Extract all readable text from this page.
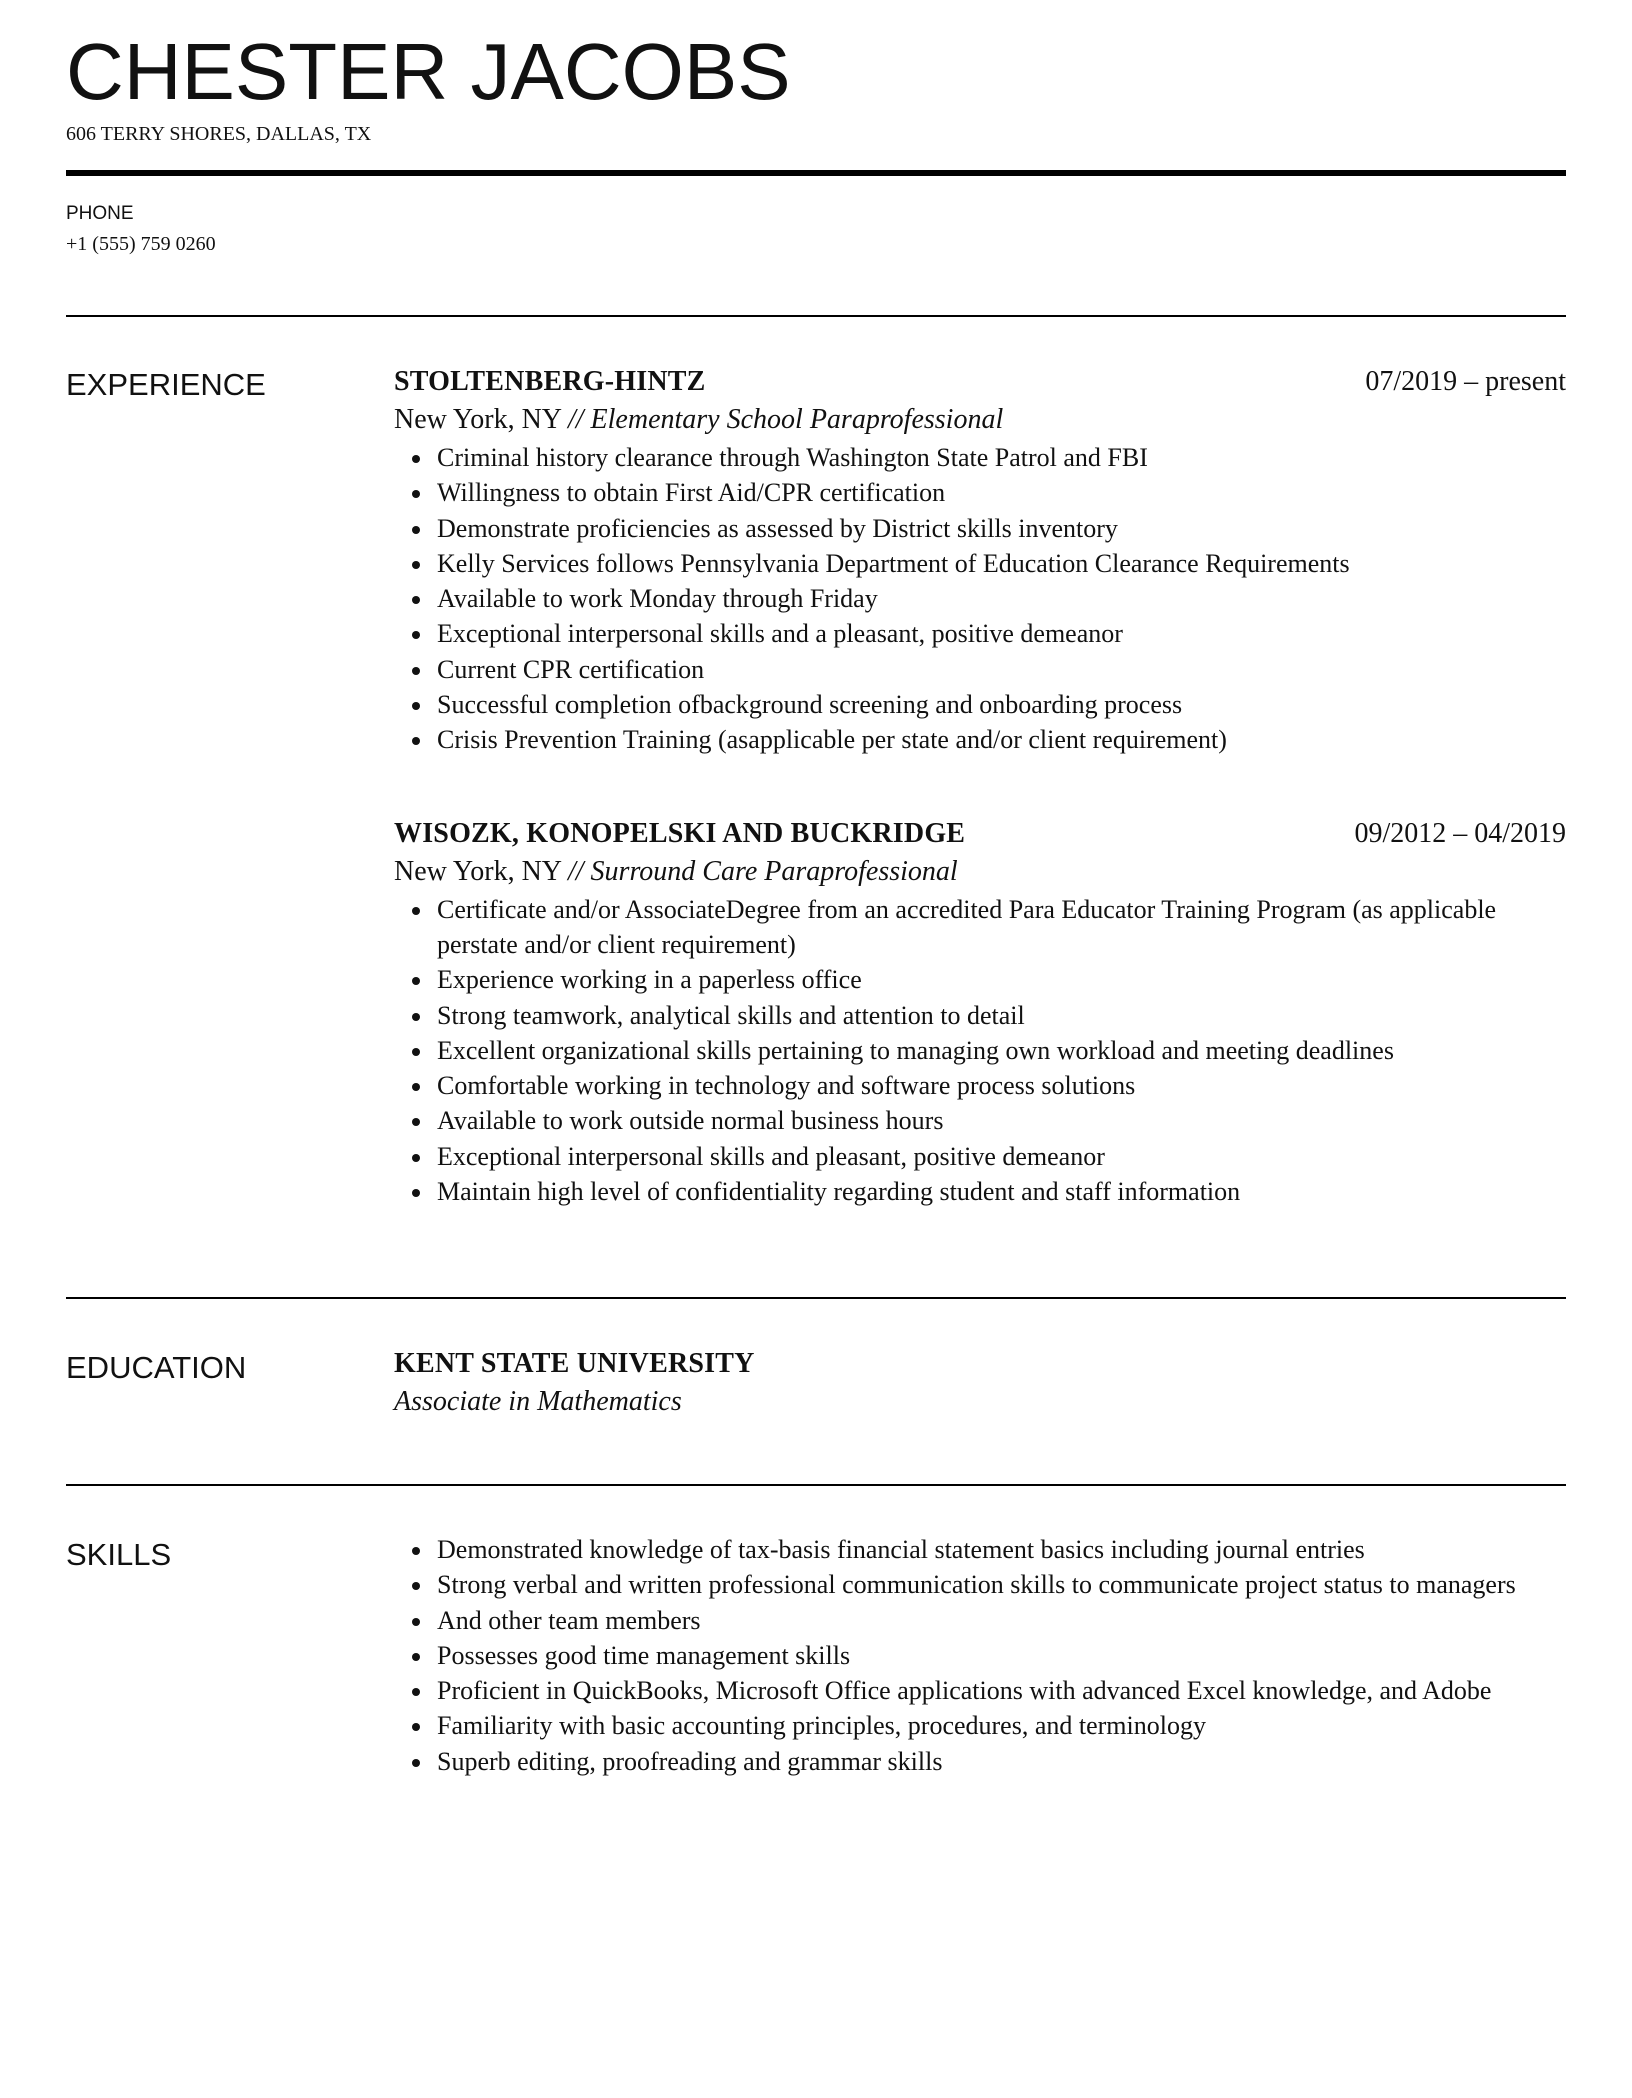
CHESTER JACOBS
606 TERRY SHORES, DALLAS, TX
PHONE
+1 (555) 759 0260
EXPERIENCE	STOLTENBERG-HINTZ	07/2019 – present
New York, NY // Elementary School Paraprofessional
Criminal history clearance through Washington State Patrol and FBI
Willingness to obtain First Aid/CPR certification
Demonstrate proficiencies as assessed by District skills inventory
Kelly Services follows Pennsylvania Department of Education Clearance Requirements
Available to work Monday through Friday
Exceptional interpersonal skills and a pleasant, positive demeanor
Current CPR certification
Successful completion ofbackground screening and onboarding process
Crisis Prevention Training (asapplicable per state and/or client requirement)
WISOZK, KONOPELSKI AND BUCKRIDGE	09/2012 – 04/2019
New York, NY // Surround Care Paraprofessional
Certificate and/or AssociateDegree from an accredited Para Educator Training Program (as applicable perstate and/or client requirement)
Experience working in a paperless office
Strong teamwork, analytical skills and attention to detail
Excellent organizational skills pertaining to managing own workload and meeting deadlines
Comfortable working in technology and software process solutions
Available to work outside normal business hours
Exceptional interpersonal skills and pleasant, positive demeanor
Maintain high level of confidentiality regarding student and staff information
EDUCATION	KENT STATE UNIVERSITY
Associate in Mathematics
SKILLS	Demonstrated knowledge of tax-basis financial statement basics including journal entries
Strong verbal and written professional communication skills to communicate project status to managers
And other team members
Possesses good time management skills
Proficient in QuickBooks, Microsoft Office applications with advanced Excel knowledge, and Adobe
Familiarity with basic accounting principles, procedures, and terminology
Superb editing, proofreading and grammar skills
